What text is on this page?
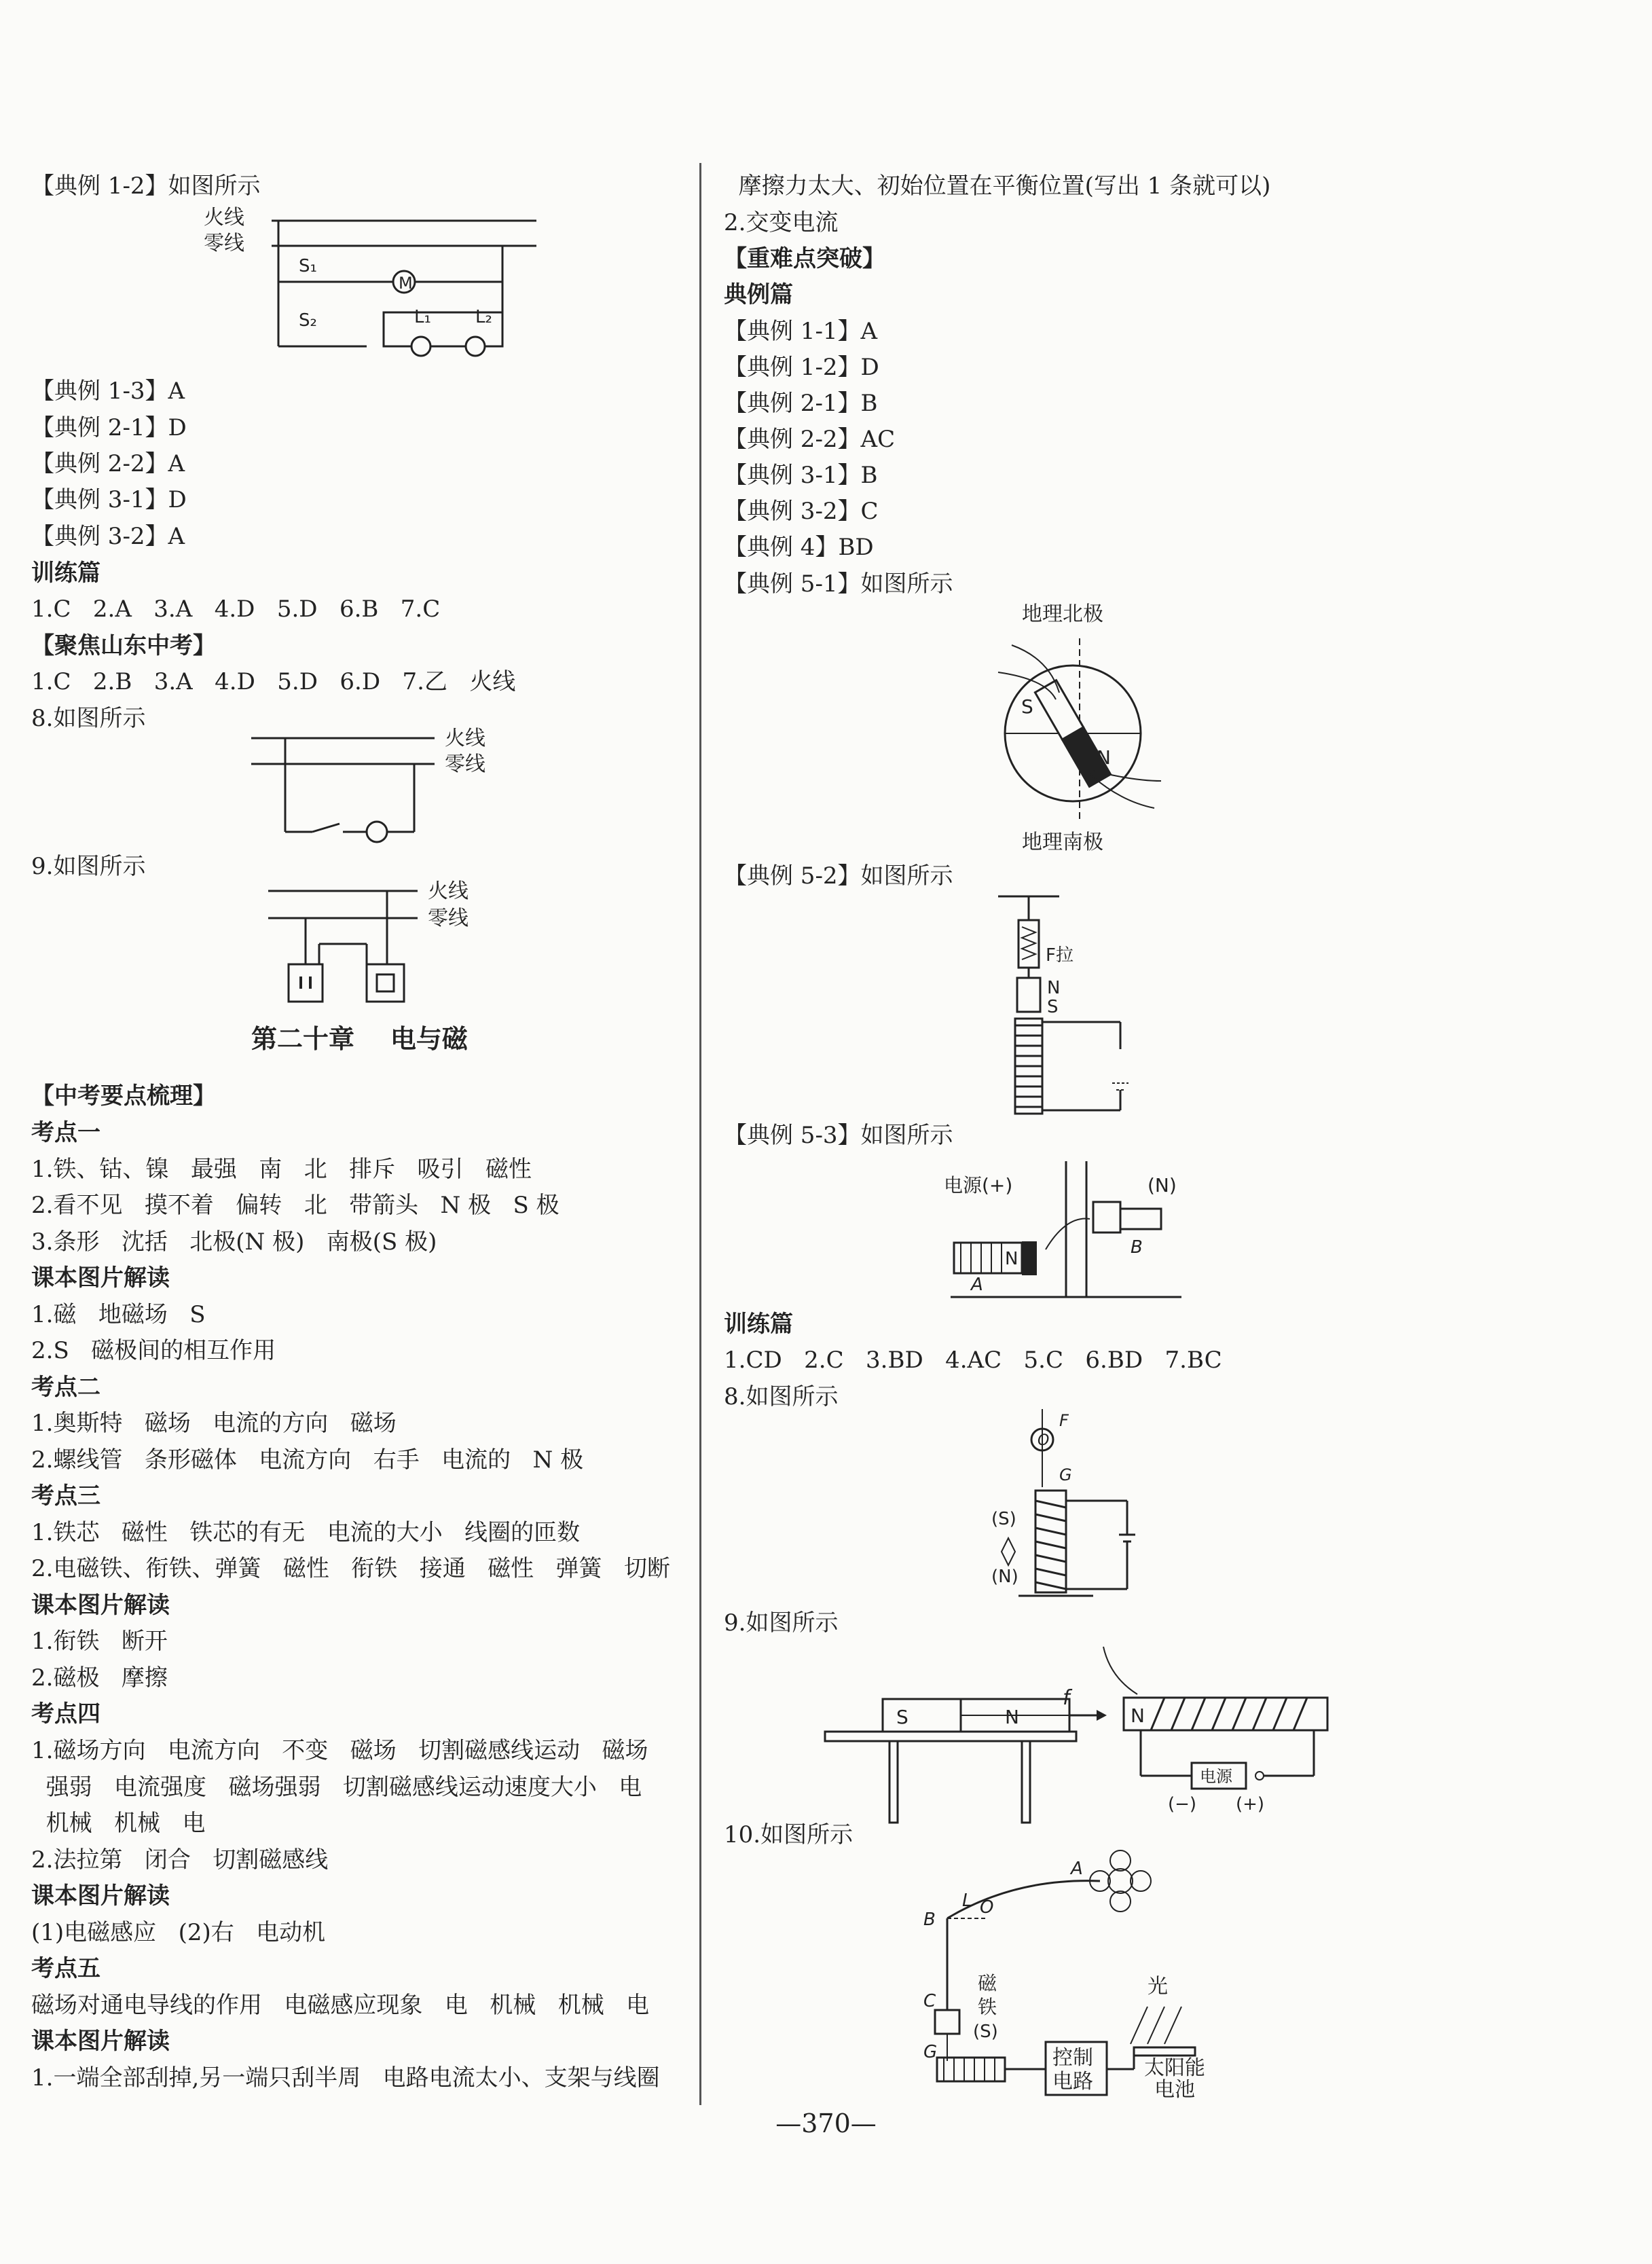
【典例 1-2】如图所示
火线
零线
M
S₁
S₂	L₁	L₂
【典例 1-3】A
【典例 2-1】D
【典例 2-2】A
【典例 3-1】D
【典例 3-2】A
训练篇
1.C   2.A   3.A   4.D   5.D   6.B   7.C
【聚焦山东中考】
1.C   2.B   3.A   4.D   5.D   6.D   7.乙   火线
8.如图所示
火线
零线
9.如图所示
火线
零线
第二十章    电与磁
【中考要点梳理】
考点一
1.铁、钴、镍   最强   南   北   排斥   吸引   磁性
2.看不见   摸不着   偏转   北   带箭头   N 极   S 极
3.条形   沈括   北极(N 极)   南极(S 极)
课本图片解读
1.磁   地磁场   S
2.S   磁极间的相互作用
考点二
1.奥斯特   磁场   电流的方向   磁场
2.螺线管   条形磁体   电流方向   右手   电流的   N 极
考点三
1.铁芯   磁性   铁芯的有无   电流的大小   线圈的匝数
2.电磁铁、衔铁、弹簧   磁性   衔铁   接通   磁性   弹簧   切断
课本图片解读
1.衔铁   断开
2.磁极   摩擦
考点四
1.磁场方向   电流方向   不变   磁场   切割磁感线运动   磁场
强弱   电流强度   磁场强弱   切割磁感线运动速度大小   电
机械   机械   电
2.法拉第   闭合   切割磁感线
课本图片解读
(1)电磁感应   (2)右   电动机
考点五
磁场对通电导线的作用   电磁感应现象   电   机械   机械   电
课本图片解读
1.一端全部刮掉,另一端只刮半周   电路电流太小、支架与线圈
摩擦力太大、初始位置在平衡位置(写出 1 条就可以)
2.交变电流
【重难点突破】
典例篇
【典例 1-1】A
【典例 1-2】D
【典例 2-1】B
【典例 2-2】AC
【典例 3-1】B
【典例 3-2】C
【典例 4】BD
【典例 5-1】如图所示
地理北极
S
N
地理南极
【典例 5-2】如图所示
F拉
N
S
【典例 5-3】如图所示
电源(+)	(N)
N
A
B
训练篇
1.CD   2.C   3.BD   4.AC   5.C   6.BD   7.BC
8.如图所示
F
O
G
(S)
(N)
9.如图所示
S	N
f
N
电源
(−) (+)
10.如图所示
A
B
L O
C
G
磁
铁
(S)
控制
电路
光
太阳能
电池
—370—
